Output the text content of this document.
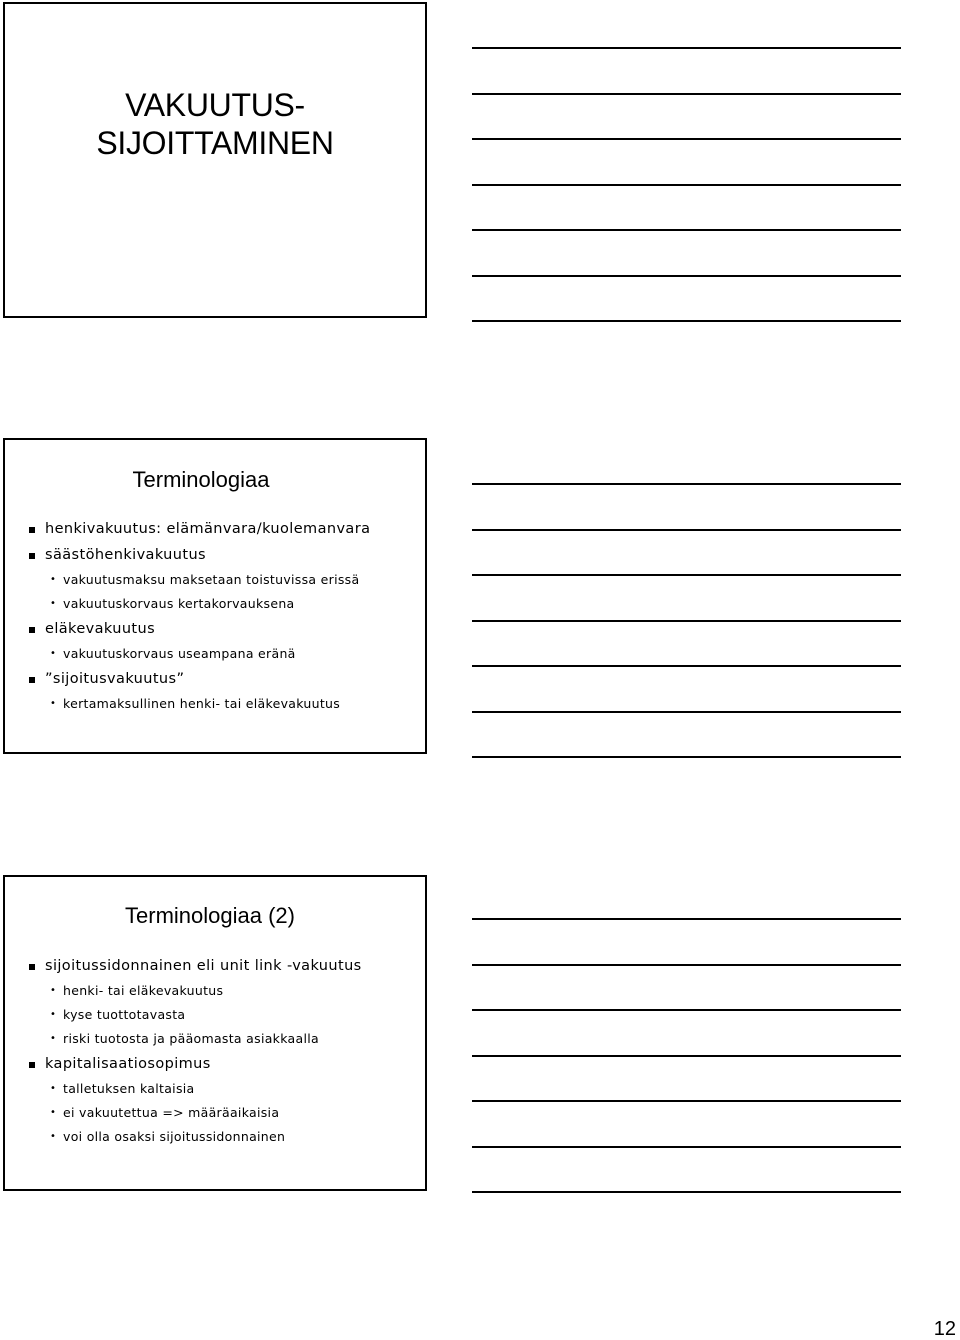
VAKUUTUS-
SIJOITTAMINEN
Terminologiaa
henkivakuutus: elämänvara/kuolemanvara
säästöhenkivakuutus
• vakuutusmaksu maksetaan toistuvissa erissä
• vakuutuskorvaus kertakorvauksena
eläkevakuutus
• vakuutuskorvaus useampana eränä
”sijoitusvakuutus”
• kertamaksullinen henki- tai eläkevakuutus
Terminologiaa (2)
sijoitussidonnainen eli unit link -vakuutus
• henki- tai eläkevakuutus
• kyse tuottotavasta
• riski tuotosta ja pääomasta asiakkaalla
kapitalisaatiosopimus
• talletuksen kaltaisia
• ei vakuutettua => määräaikaisia
• voi olla osaksi sijoitussidonnainen
12
